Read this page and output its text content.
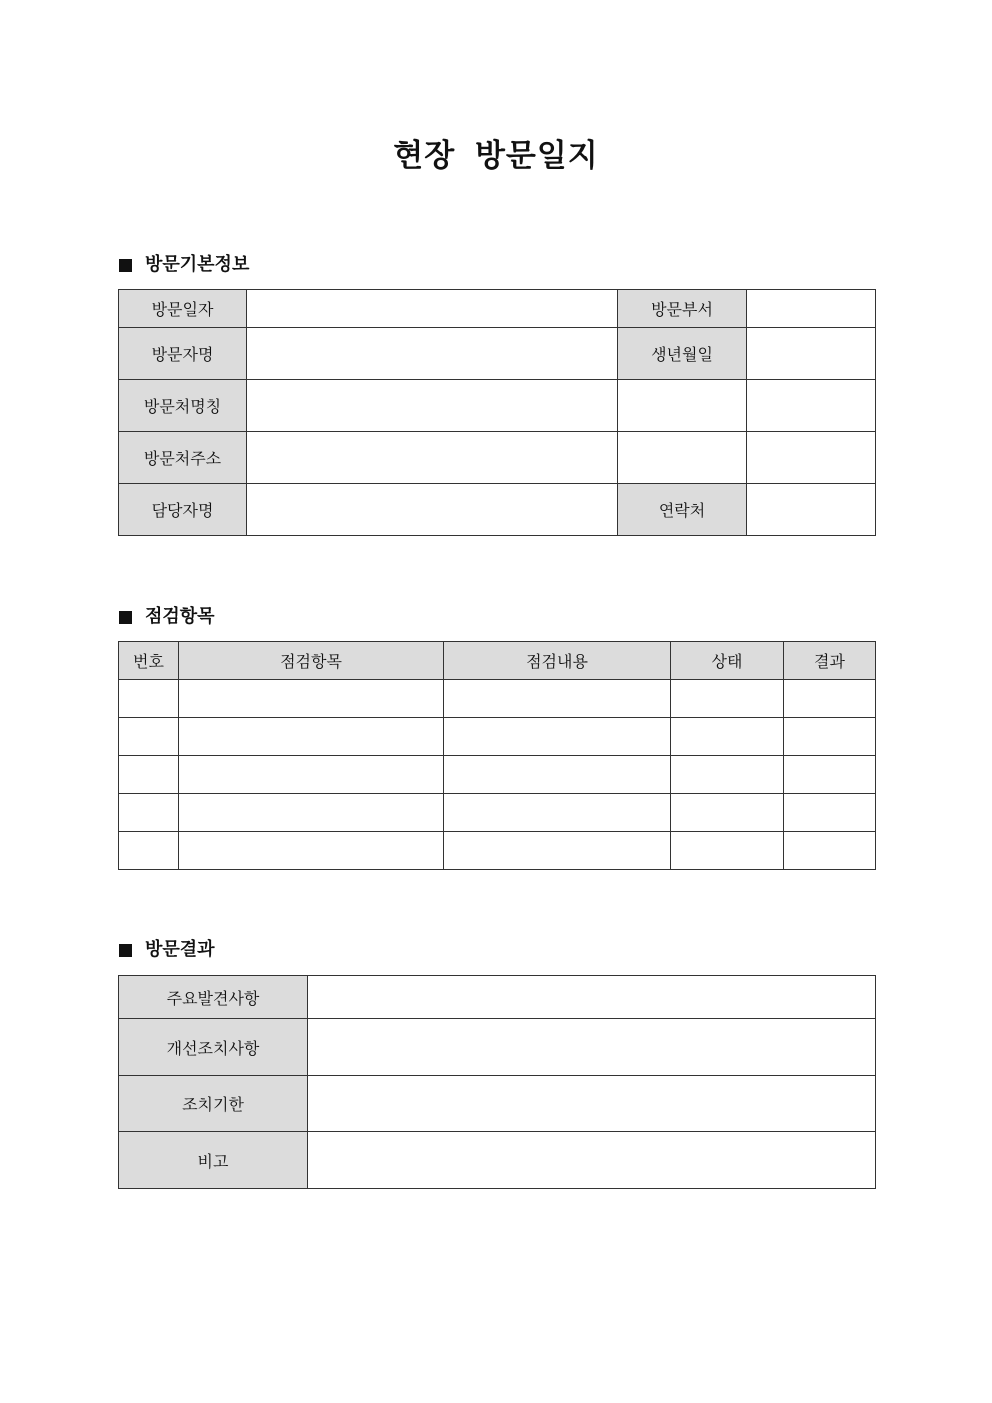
현장 방문일지
방문기본정보
방문일자		방문부서	
방문자명		생년월일	
방문처명칭			
방문처주소			
담당자명		연락처	
점검항목
번호	점검항목	점검내용	상태	결과

방문결과
주요발견사항	
개선조치사항	
조치기한	
비고	
